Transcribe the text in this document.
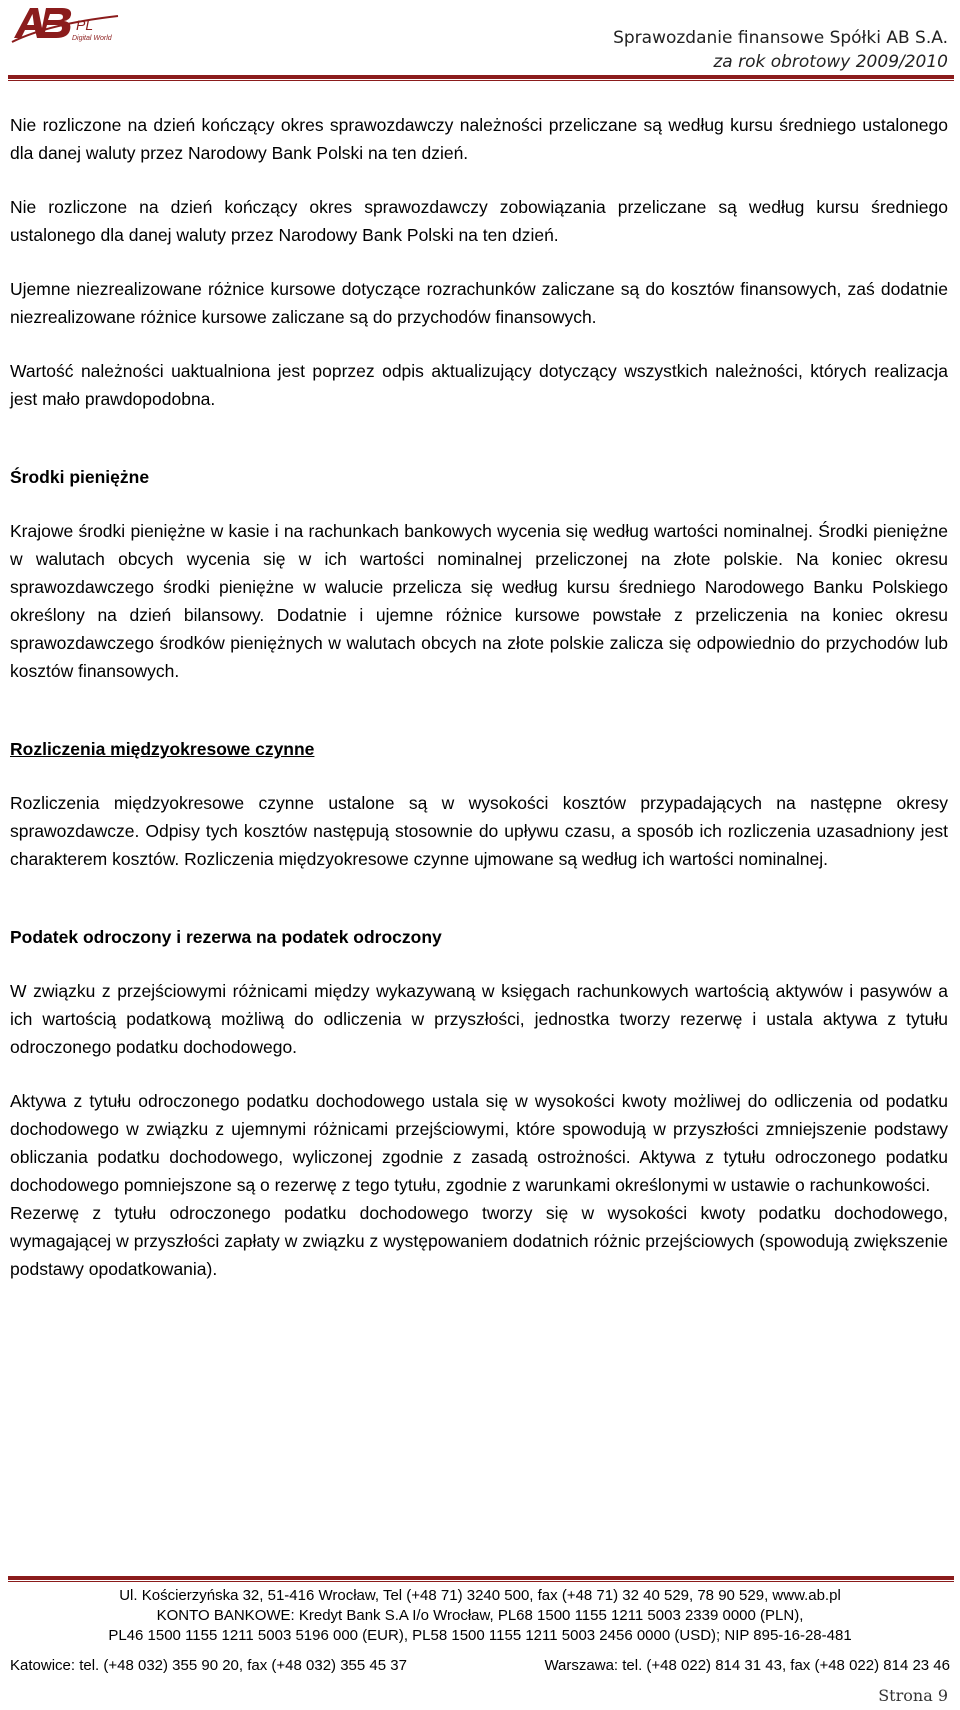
PL
Digital World	Sprawozdanie finansowe Spółki AB S.A.
za rok obrotowy 2009/2010

Nie rozliczone na dzień kończący okres sprawozdawczy należności przeliczane są według kursu średniego ustalonego dla danej waluty przez Narodowy Bank Polski na ten dzień.

Nie rozliczone na dzień kończący okres sprawozdawczy zobowiązania przeliczane są według kursu średniego ustalonego dla danej waluty przez Narodowy Bank Polski na ten dzień.

Ujemne niezrealizowane różnice kursowe dotyczące rozrachunków zaliczane są do kosztów finansowych, zaś dodatnie niezrealizowane różnice kursowe zaliczane są do przychodów finansowych.

Wartość należności uaktualniona jest poprzez odpis aktualizujący dotyczący wszystkich należności, których realizacja jest mało prawdopodobna.

Środki pieniężne

Krajowe środki pieniężne w kasie i na rachunkach bankowych wycenia się według wartości nominalnej. Środki pieniężne w walutach obcych wycenia się w ich wartości nominalnej przeliczonej na złote polskie. Na koniec okresu sprawozdawczego środki pieniężne w walucie przelicza się według kursu średniego Narodowego Banku Polskiego określony na dzień bilansowy. Dodatnie i ujemne różnice kursowe powstałe z przeliczenia na koniec okresu sprawozdawczego środków pieniężnych w walutach obcych na złote polskie zalicza się odpowiednio do przychodów lub kosztów finansowych.

Rozliczenia międzyokresowe czynne

Rozliczenia międzyokresowe czynne ustalone są w wysokości kosztów przypadających na następne okresy sprawozdawcze. Odpisy tych kosztów następują stosownie do upływu czasu, a sposób ich rozliczenia uzasadniony jest charakterem kosztów. Rozliczenia międzyokresowe czynne ujmowane są według ich wartości nominalnej.

Podatek odroczony i rezerwa na podatek odroczony

W związku z przejściowymi różnicami między wykazywaną w księgach rachunkowych wartością aktywów i pasywów a ich wartością podatkową możliwą do odliczenia w przyszłości, jednostka tworzy rezerwę i ustala aktywa z tytułu odroczonego podatku dochodowego.

Aktywa z tytułu odroczonego podatku dochodowego ustala się w wysokości kwoty możliwej do odliczenia od podatku dochodowego w związku z ujemnymi różnicami przejściowymi, które spowodują w przyszłości zmniejszenie podstawy obliczania podatku dochodowego, wyliczonej zgodnie z zasadą ostrożności. Aktywa z tytułu odroczonego podatku dochodowego pomniejszone są o rezerwę z tego tytułu, zgodnie z warunkami określonymi w ustawie o rachunkowości.

Rezerwę z tytułu odroczonego podatku dochodowego tworzy się w wysokości kwoty podatku dochodowego, wymagającej w przyszłości zapłaty w związku z występowaniem dodatnich różnic przejściowych (spowodują zwiększenie podstawy opodatkowania).

Ul. Kościerzyńska 32, 51-416 Wrocław, Tel (+48 71) 3240 500, fax (+48 71) 32 40 529, 78 90 529, www.ab.pl
KONTO BANKOWE: Kredyt Bank S.A I/o Wrocław, PL68 1500 1155 1211 5003 2339 0000 (PLN),
PL46 1500 1155 1211 5003 5196 000 (EUR), PL58 1500 1155 1211 5003 2456 0000 (USD); NIP 895-16-28-481
Katowice: tel. (+48 032) 355 90 20, fax (+48 032) 355 45 37	Warszawa: tel. (+48 022) 814 31 43, fax (+48 022) 814 23 46
Strona 9
